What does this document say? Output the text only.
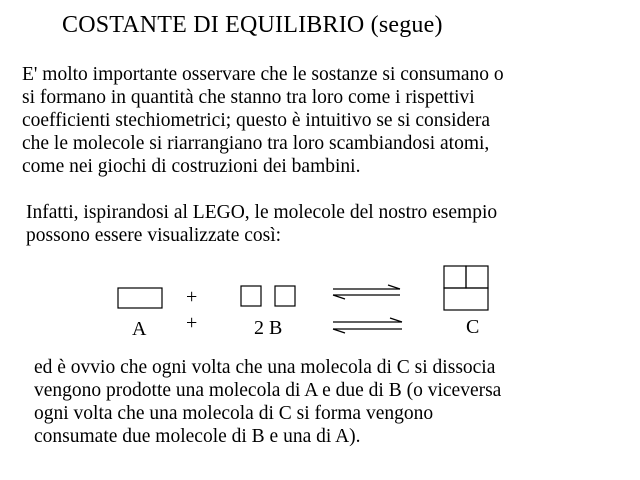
COSTANTE DI EQUILIBRIO (segue)
E' molto importante osservare che le sostanze si consumano o
si formano in quantità che stanno tra loro come i rispettivi
coefficienti stechiometrici; questo è intuitivo se si considera
che le molecole si riarrangiano tra loro scambiandosi atomi,
come nei giochi di costruzioni dei bambini.
Infatti, ispirandosi al LEGO, le molecole del nostro esempio
possono essere visualizzate così:
+
+
A	2 B	C
ed è ovvio che ogni volta che una molecola di C si dissocia
vengono prodotte una molecola di A e due di B (o viceversa
ogni volta che una molecola di C si forma vengono
consumate due molecole di B e una di A).
